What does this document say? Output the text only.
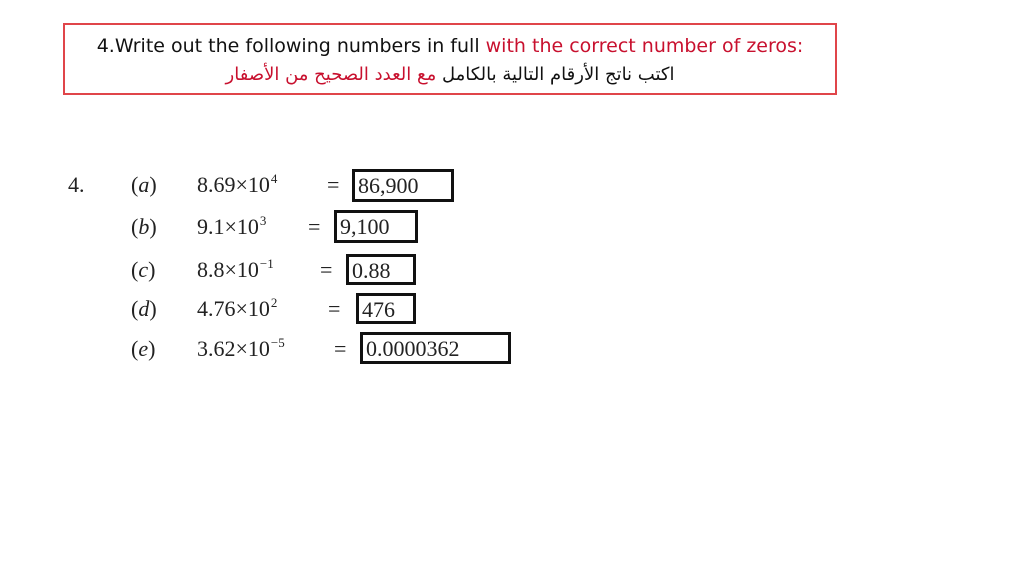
4.Write out the following numbers in full with the correct number of zeros:
اكتب ناتج الأرقام التالية بالكامل مع العدد الصحيح من الأصفار
4. (a) $8.69\times 10^4 = 86,900$
(b) $9.1\times 10^3 = 9,100$
(c) $8.8\times 10^{-1} = 0.88$
(d) $4.76\times 10^2 = 476$
(e) $3.62\times 10^{-5} = 0.0000362$
